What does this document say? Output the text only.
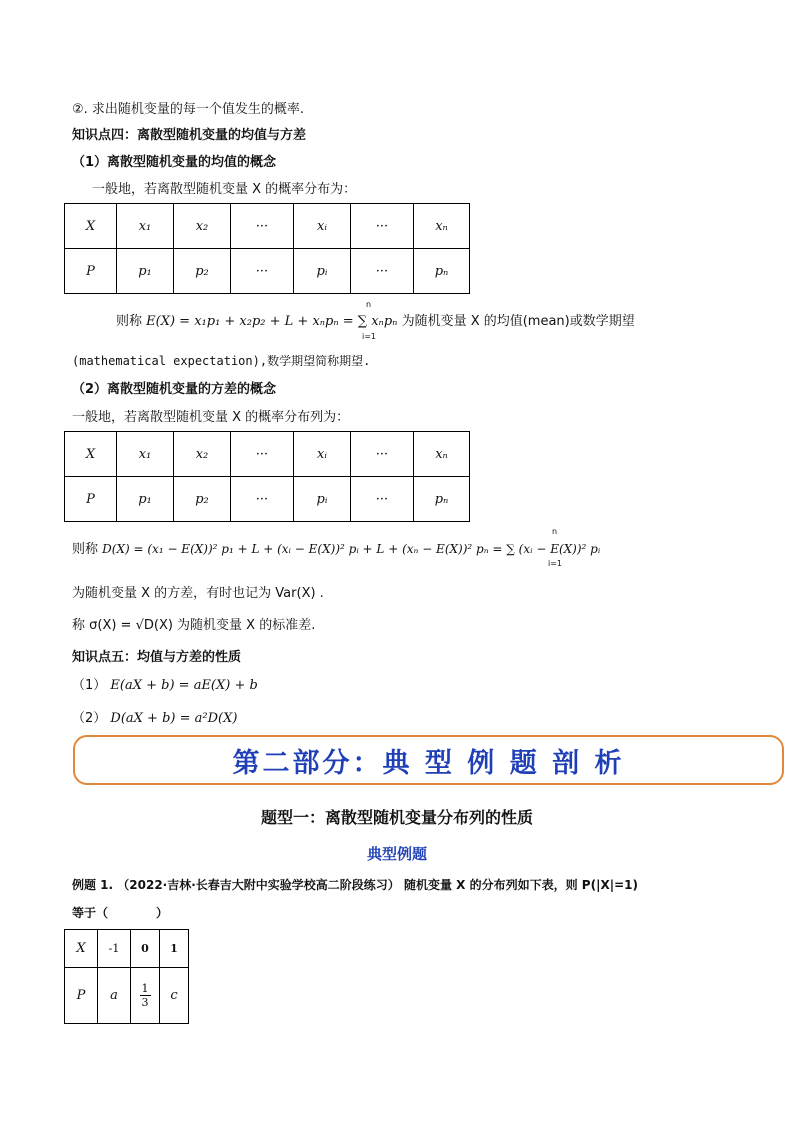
②. 求出随机变量的每一个值发生的概率.
知识点四：离散型随机变量的均值与方差
（1）离散型随机变量的均值的概念
一般地，若离散型随机变量 X 的概率分布为：
X	x₁	x₂	···	xᵢ	···	xₙ
P	p₁	p₂	···	pᵢ	···	pₙ
则称 E(X) = x₁p₁ + x₂p₂ + L + xₙpₙ = ∑ xₙpₙ 为随机变量 X 的均值(mean)或数学期望
n
i=1
(mathematical expectation),数学期望简称期望.
（2）离散型随机变量的方差的概念
一般地，若离散型随机变量 X 的概率分布列为：
X	x₁	x₂	···	xᵢ	···	xₙ
P	p₁	p₂	···	pᵢ	···	pₙ
则称 D(X) = (x₁ − E(X))² p₁ + L + (xᵢ − E(X))² pᵢ + L + (xₙ − E(X))² pₙ = ∑ (xᵢ − E(X))² pᵢ
n
i=1
为随机变量 X 的方差，有时也记为 Var(X) .
称 σ(X) = √D(X) 为随机变量 X 的标准差.
知识点五：均值与方差的性质
（1） E(aX + b) = aE(X) + b
（2） D(aX + b) = a²D(X)
第二部分：典 型 例 题 剖 析
题型一：离散型随机变量分布列的性质
典型例题
例题 1. （2022·吉林·长春吉大附中实验学校高二阶段练习） 随机变量 X 的分布列如下表，则 P(|X|=1)
等于（　　　　）
X	-1	0	1
P	a	$\frac{1}{3}$	c
